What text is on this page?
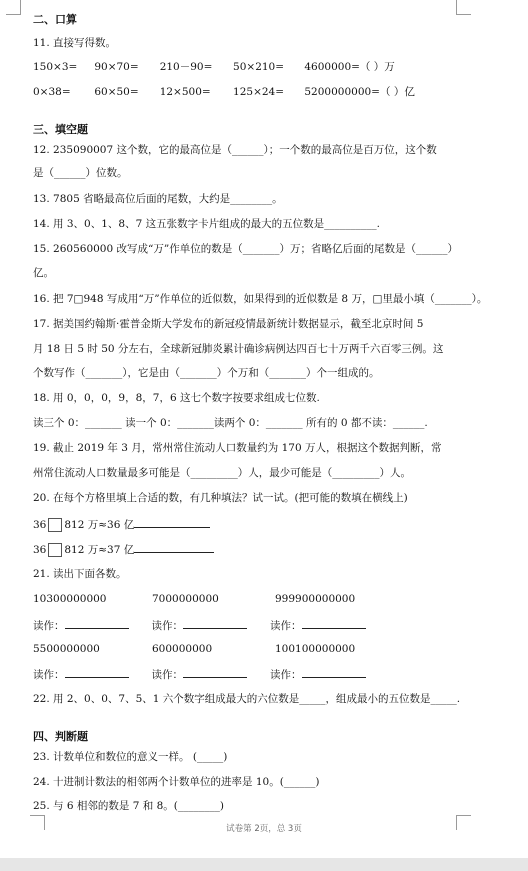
二、口算
11. 直接写得数。
150×3= 90×70= 210－90= 50×210= 4600000=（ ）万
0×38= 60×50= 12×500= 125×24= 5200000000=（ ）亿
三、填空题
12. 235090007 这个数，它的最高位是（______）；一个数的最高位是百万位，这个数
是（______）位数。
13. 7805 省略最高位后面的尾数，大约是________。
14. 用 3、0、1、8、7 这五张数字卡片组成的最大的五位数是__________.
15. 260560000 改写成“万”作单位的数是（_______）万；省略亿后面的尾数是（______）
亿。
16. 把 7□948 写成用“万”作单位的近似数，如果得到的近似数是 8 万，□里最小填（_______）。
17. 据美国约翰斯·霍普金斯大学发布的新冠疫情最新统计数据显示，截至北京时间 5
月 18 日 5 时 50 分左右，全球新冠肺炎累计确诊病例达四百七十万两千六百零三例。这
个数写作（_______），它是由（_______）个万和（_______）个一组成的。
18. 用 0，0，0，9，8，7，6 这七个数字按要求组成七位数.
读三个 0：_______ 读一个 0：_______读两个 0：_______ 所有的 0 都不读：______.
19. 截止 2019 年 3 月，常州常住流动人口数量约为 170 万人，根据这个数据判断，常
州常住流动人口数量最多可能是（_________）人，最少可能是（_________）人。
20. 在每个方格里填上合适的数，有几种填法？试一试。(把可能的数填在横线上)
36 812 万≈36 亿
36 812 万≈37 亿
21. 读出下面各数。
10300000000	7000000000	999900000000
读作：	读作：	读作：
5500000000	600000000	100100000000
读作：	读作：	读作：
22. 用 2、0、0、7、5、1 六个数字组成最大的六位数是_____，组成最小的五位数是_____.
四、判断题
23. 计数单位和数位的意义一样。 (_____)
24. 十进制计数法的相邻两个计数单位的进率是 10。(______)
25. 与 6 相邻的数是 7 和 8。(________)
试卷第 2页，总 3页
